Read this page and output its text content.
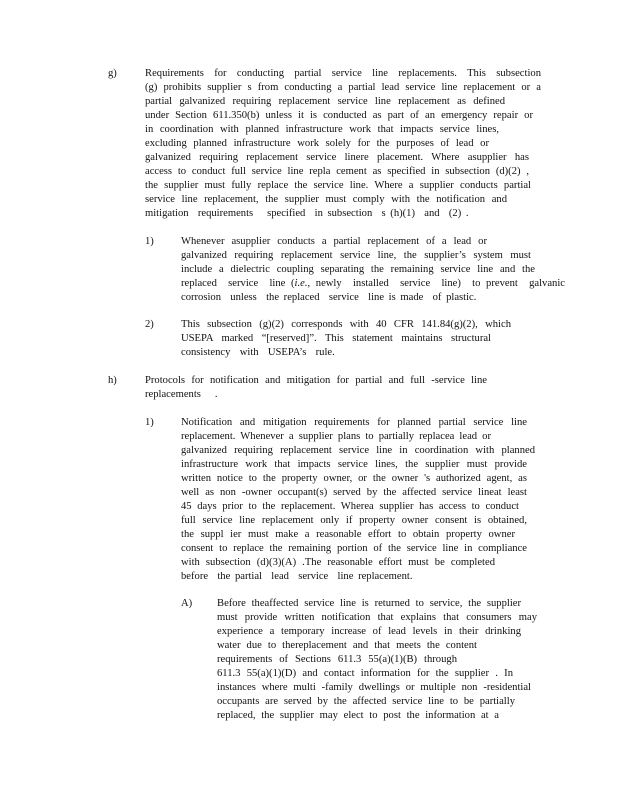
g)	Requirements for conducting partial service line replacements. This subsection
(g) prohibits supplier s from conducting a partial lead service line replacement or a
partial galvanized requiring replacement service line replacement as defined
under Section 611.350(b) unless it is conducted as part of an emergency repair or
in coordination with planned infrastructure work that impacts service lines,
excluding planned infrastructure work solely for the purposes of lead or
galvanized requiring replacement service linere placement. Where asupplier has
access to conduct full service line repla cement as specified in subsection (d)(2) ,
the supplier must fully replace the service line. Where a supplier conducts partial
service line replacement, the supplier must comply with the notification and
mitigation  requirements   specified  in subsection  s (h)(1)  and  (2) .
1)	Whenever asupplier conducts a partial replacement of a lead or
galvanized requiring replacement service line, the supplier’s system must
include a dielectric coupling separating the remaining service line and the
replaced  service  line (i.e., newly  installed  service  line)  to prevent  galvanic
corrosion  unless  the replaced  service  line is made  of plastic.
2)	This subsection (g)(2) corresponds with 40 CFR 141.84(g)(2), which
USEPA marked “[reserved]”. This statement maintains structural
consistency  with  USEPA’s  rule.
h)	Protocols for notification and mitigation for partial and full -service line
replacements   .
1)	Notification and mitigation requirements for planned partial service line
replacement. Whenever a supplier plans to partially replacea lead or
galvanized requiring replacement service line in coordination with planned
infrastructure work that impacts service lines, the supplier must provide
written notice to the property owner, or the owner 's authorized agent, as
well as non -owner occupant(s) served by the affected service lineat least
45 days prior to the replacement. Wherea supplier has access to conduct
full service line replacement only if property owner consent is obtained,
the suppl ier must make a reasonable effort to obtain property owner
consent to replace the remaining portion of the service line in compliance
with subsection (d)(3)(A) .The reasonable effort must be completed
before  the partial  lead  service  line replacement.
A) Before theaffected service line is returned to service, the supplier
must provide written notification that explains that consumers may
experience a temporary increase of lead levels in their drinking
water due to thereplacement and that meets the content
requirements of Sections 611.3 55(a)(1)(B) through
611.3 55(a)(1)(D) and contact information for the supplier . In
instances where multi -family dwellings or multiple non -residential
occupants are served by the affected service line to be partially
replaced, the supplier may elect to post the information at a
